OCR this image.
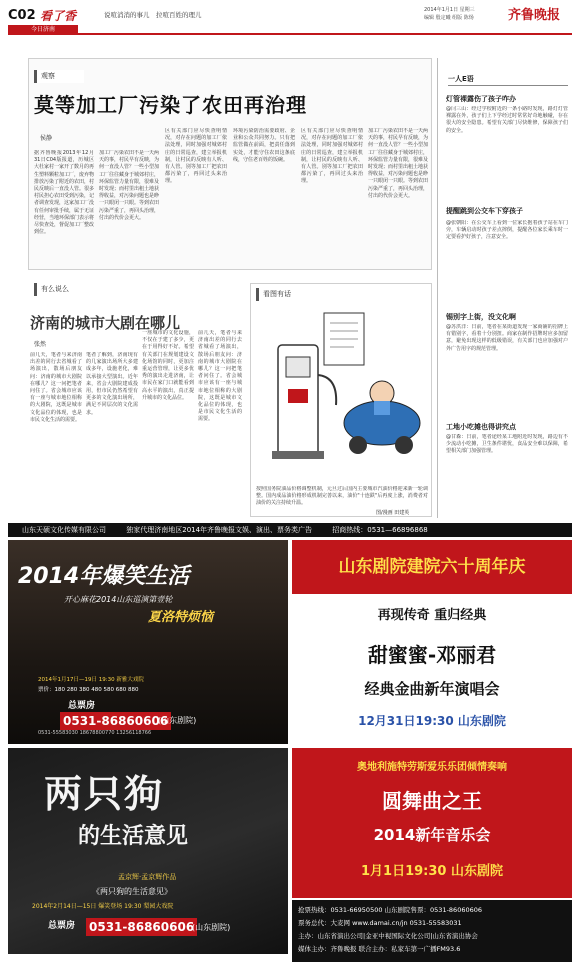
C02 看了香	说喧消消的事儿 拉喧百姓的理儿
2014年1月1日 星期三
编辑 殷定曦 组版 陈炀	齐鲁晚报
今日济南
观察
莫等加工厂污染了农田再治理
侯静
据齐鲁晚报2013年12月31日C04版报道，历城区大杜家村一家开了数月的再生塑料颗粒加工厂，废弃物排放污染了附近的农田，村民反映后一直没人管。很多村民担心农田受到污染，记者调查发现，这家加工厂没有任何审批手续，属于无证经营，当地环保部门表示将尽快查处，督促加工厂整改到位。
加工厂污染农田不是一天两天的事，村民早有反映，为何一直没人管？一些小型加工厂往往藏身于城郊村庄，环保监管力量有限，很难及时发现；而村里出租土地获得收益，对污染问题也是睁一只眼闭一只眼。等到农田污染严重了，再回头治理，付出的代价会更大。
区有关部门应尽快查明情况，对存在问题的加工厂依法处理，同时加强对城郊村庄的日常巡查，建立举报机制，让村民的反映有人听、有人管。别等加工厂把农田都污染了，再回过头来治理。
环境污染防治需要政府、企业和公众共同努力。只有把监管做在前面，把责任落到实处，才能守住农田这条底线，守住老百姓的饭碗。
区有关部门应尽快查明情况，对存在问题的加工厂依法处理，同时加强对城郊村庄的日常巡查，建立举报机制，让村民的反映有人听、有人管。别等加工厂把农田都污染了，再回过头来治理。
加工厂污染农田不是一天两天的事，村民早有反映，为何一直没人管？一些小型加工厂往往藏身于城郊村庄，环保监管力量有限，很难及时发现；而村里出租土地获得收益，对污染问题也是睁一只眼闭一只眼。等到农田污染严重了，再回头治理，付出的代价会更大。
有么说么
济南的城市大剧在哪儿
张然
前几天，笔者与来济南出差的同行去省城看了场演出，散场后朋友问：济南的城市大剧院在哪儿？这一问把笔者问住了。省会城市应该有一座与城市地位相称的大剧院，这既是城市文化品位的体现，也是市民文化生活的需要。
笔者了解到，济南现有的几家演出场所大多建成多年，设施老化，难以承接大型演出。近年来，省会大剧院建成投用，但市民仍然希望有更多的文化演出场所，满足不同层次的文化需求。
一座城市的文化设施，不仅在于建了多少，更在于用得好不好。希望有关部门在规划建设文化场馆的同时，更加注重运营管理，让更多优秀的演出走进济南，让市民在家门口就能看到高水平的演出，真正提升城市的文化品位。
前几天，笔者与来济南出差的同行去省城看了场演出，散场后朋友问：济南的城市大剧院在哪儿？这一问把笔者问住了。省会城市应该有一座与城市地位相称的大剧院，这既是城市文化品位的体现，也是市民文化生活的需要。
看图有话
按照国务院油品价格调整机制，元旦过后国内主要城市汽油价格迎来新一轮调整。国内成品油价格形成机制完善以来，油价"十连跌"后再度上涨，消费者对油价的关注持续升温。
图/漫画 田建英
一人E语
灯管裸露伤了孩子咋办
@闫三山：经过学校附近的一条小路时发现，路灯灯管裸露在外，孩子们上下学经过时常常好奇地触碰，存在很大的安全隐患。希望有关部门尽快维修，保障孩子们的安全。
提醒跳到公交车下穿孩子
@张朝阳：在公交车上看到一位家长抱着孩子站在车门旁，车辆启动时孩子差点摔倒，提醒各位家长乘车时一定要看护好孩子，注意安全。
锡别字上街，没文化啊
@苏洪洋：日前，笔者在某街道发现一家商铺的招牌上有错别字，看着十分别扭。商家在制作招牌时应多加留意，避免出现这样的低级错误，有关部门也应加强对户外广告用字的规范管理。
工地小吃摊也得讲究点
@甘森：日前，笔者途经某工地附近时发现，路边有不少流动小吃摊，卫生条件堪忧，食品安全难以保障，希望相关部门加强管理。
山东天硕文化传媒有限公司	独家代理济南地区2014年齐鲁晚报文娱、演出、票务类广告	招商热线：0531—66896868
2014年爆笑生活
开心麻花2014山东巡演第壹轮
夏洛特烦恼
2014年1月17日—19日 19:30 新雅大戏院
票价：180 280 380 480 580 680 880
总票房
0531-86860606
(山东剧院)
0531-55583030 18678800770 13256118766
山东剧院建院六十周年庆
再现传奇 重归经典
甜蜜蜜-邓丽君
经典金曲新年演唱会
12月31日19:30 山东剧院
两只狗
的生活意见
孟京辉·孟京辉作品
《两只狗的生活意见》
2014年2月14日—15日 爆笑登场 19:30 梨园大戏院
总票房 0531-86860606
(山东剧院)
奥地利施特劳斯爱乐乐团倾情奏响
圆舞曲之王
2014新年音乐会
1月1日19:30 山东剧院
抢票热线：0531-66950500 山东剧院售票：0531-86060606
票务总代：大麦网 www.damai.cn/jn 0531-55583031
主办：山东省演出公司|金亚中视国际文化公司|山东省演出协会
媒体主办：齐鲁晚报 联合主办：私家车第一广播FM93.6
